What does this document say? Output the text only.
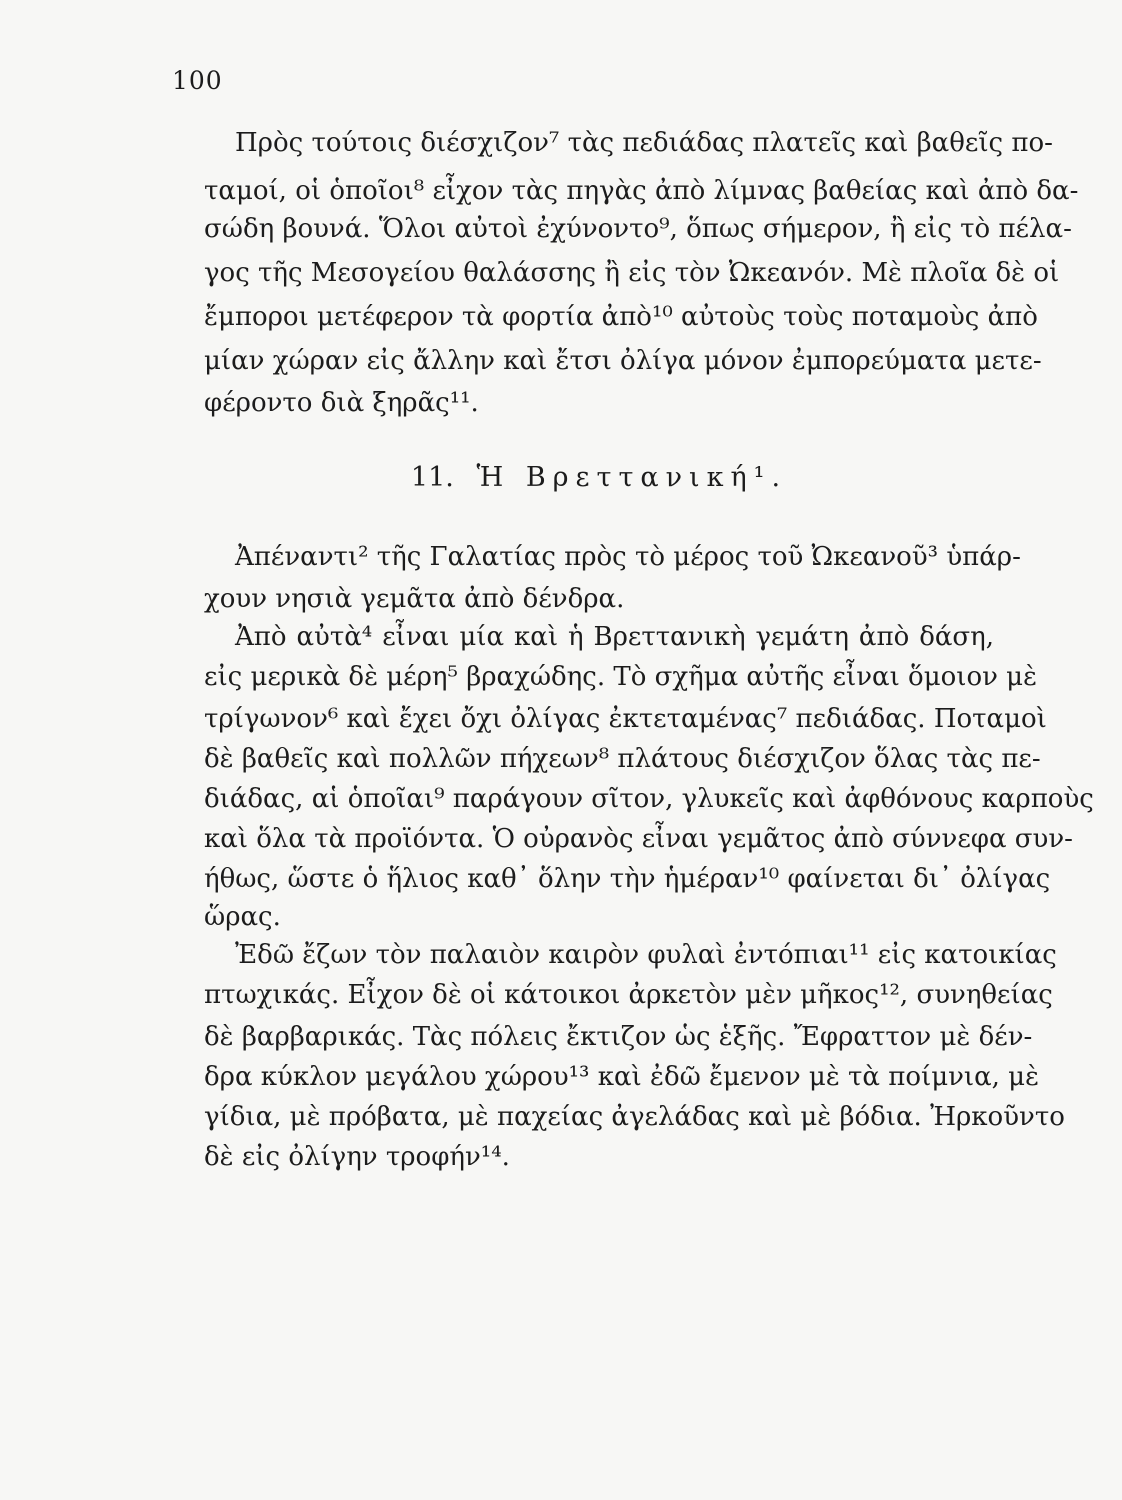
100
Πρὸς τούτοις διέσχιζον⁷ τὰς πεδιάδας πλατεῖς καὶ βαθεῖς πο-
ταμοί, οἱ ὁποῖοι⁸ εἶχον τὰς πηγὰς ἀπὸ λίμνας βαθείας καὶ ἀπὸ δα-
σώδη βουνά. Ὅλοι αὐτοὶ ἐχύνοντο⁹, ὅπως σήμερον, ἢ εἰς τὸ πέλα-
γος τῆς Μεσογείου θαλάσσης ἢ εἰς τὸν Ὠκεανόν. Μὲ πλοῖα δὲ οἱ
ἔμποροι μετέφερον τὰ φορτία ἀπὸ¹⁰ αὐτοὺς τοὺς ποταμοὺς ἀπὸ
μίαν χώραν εἰς ἄλλην καὶ ἔτσι ὀλίγα μόνον ἐμπορεύματα μετε-
φέροντο διὰ ξηρᾶς¹¹.
11. Ἡ Βρεττανική¹.
Ἀπέναντι² τῆς Γαλατίας πρὸς τὸ μέρος τοῦ Ὠκεανοῦ³ ὑπάρ-
χουν νησιὰ γεμᾶτα ἀπὸ δένδρα.
Ἀπὸ αὐτὰ⁴ εἶναι μία καὶ ἡ Βρεττανικὴ γεμάτη ἀπὸ δάση,
εἰς μερικὰ δὲ μέρη⁵ βραχώδης. Τὸ σχῆμα αὐτῆς εἶναι ὅμοιον μὲ
τρίγωνον⁶ καὶ ἔχει ὄχι ὀλίγας ἐκτεταμένας⁷ πεδιάδας. Ποταμοὶ
δὲ βαθεῖς καὶ πολλῶν πήχεων⁸ πλάτους διέσχιζον ὅλας τὰς πε-
διάδας, αἱ ὁποῖαι⁹ παράγουν σῖτον, γλυκεῖς καὶ ἀφθόνους καρποὺς
καὶ ὅλα τὰ προϊόντα. Ὁ οὐρανὸς εἶναι γεμᾶτος ἀπὸ σύννεφα συν-
ήθως, ὥστε ὁ ἥλιος καθ᾿ ὅλην τὴν ἡμέραν¹⁰ φαίνεται δι᾿ ὀλίγας
ὥρας.
Ἐδῶ ἔζων τὸν παλαιὸν καιρὸν φυλαὶ ἐντόπιαι¹¹ εἰς κατοικίας
πτωχικάς. Εἶχον δὲ οἱ κάτοικοι ἀρκετὸν μὲν μῆκος¹², συνηθείας
δὲ βαρβαρικάς. Τὰς πόλεις ἔκτιζον ὡς ἑξῆς. Ἔφραττον μὲ δέν-
δρα κύκλον μεγάλου χώρου¹³ καὶ ἐδῶ ἔμενον μὲ τὰ ποίμνια, μὲ
γίδια, μὲ πρόβατα, μὲ παχείας ἀγελάδας καὶ μὲ βόδια. Ἠρκοῦντο
δὲ εἰς ὀλίγην τροφήν¹⁴.
